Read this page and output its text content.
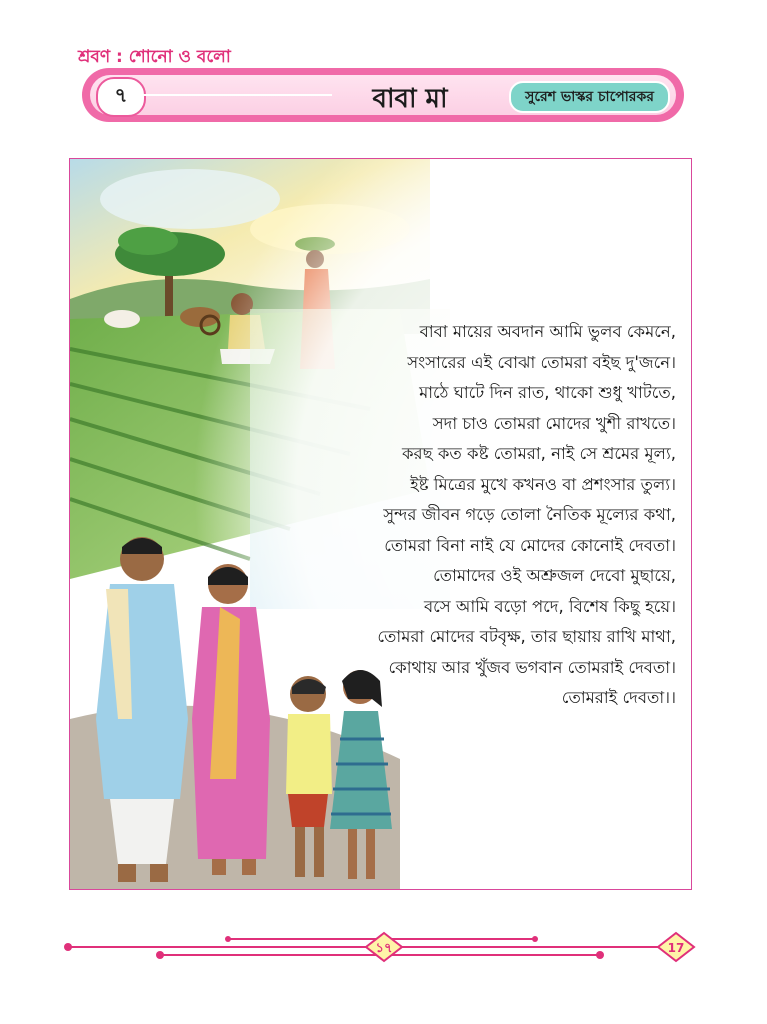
শ্রবণ : শোনো ও বলো
৭	বাবা মা	সুরেশ ভাস্কর চাপোরকর
বাবা মায়ের অবদান আমি ভুলব কেমনে,
সংসারের এই বোঝা তোমরা বইছ দু'জনে।
মাঠে ঘাটে দিন রাত, থাকো শুধু খাটতে,
সদা চাও তোমরা মোদের খুশী রাখতে।
করছ কত কষ্ট তোমরা, নাই সে শ্রমের মূল্য,
ইষ্ট মিত্রের মুখে কখনও বা প্রশংসার তুল্য।
সুন্দর জীবন গড়ে তোলা নৈতিক মূল্যের কথা,
তোমরা বিনা নাই যে মোদের কোনোই দেবতা।
তোমাদের ওই অশ্রুজল দেবো মুছায়ে,
বসে আমি বড়ো পদে, বিশেষ কিছু হয়ে।
তোমরা মোদের বটবৃক্ষ, তার ছায়ায় রাখি মাথা,
কোথায় আর খুঁজব ভগবান তোমরাই দেবতা।
তোমরাই দেবতা।।
১৭	17
